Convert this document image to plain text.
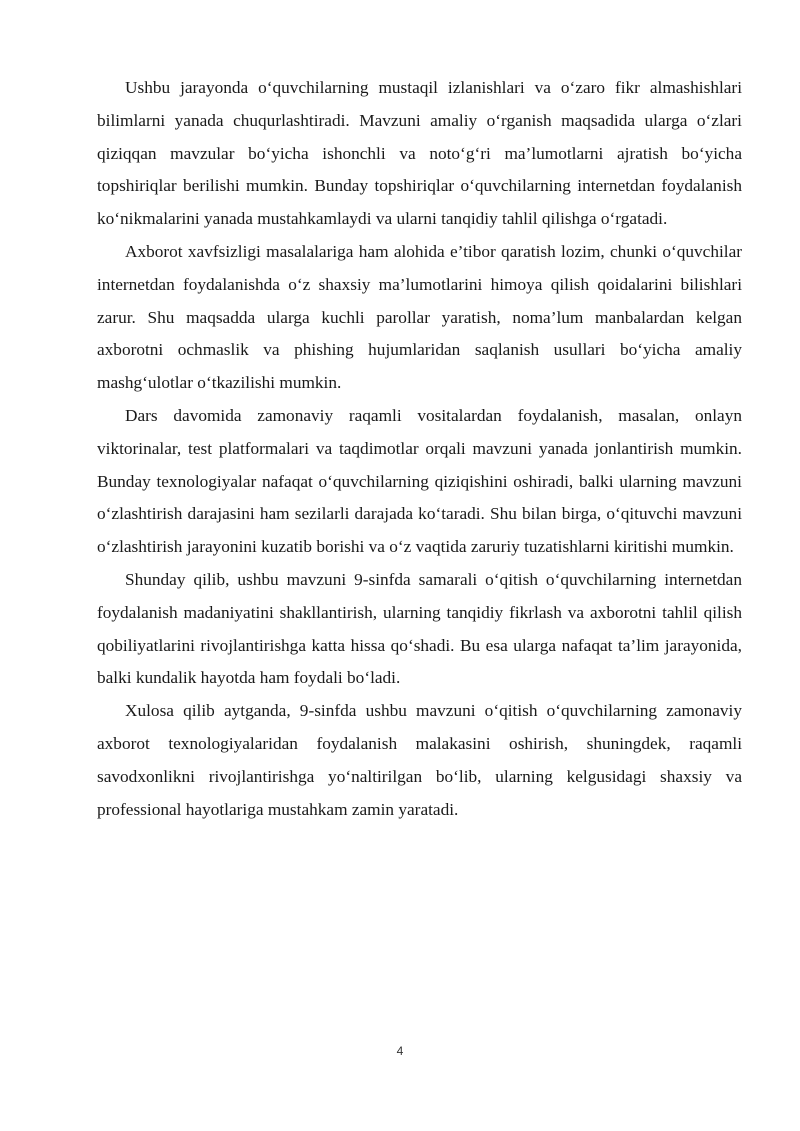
Ushbu jarayonda o‘quvchilarning mustaqil izlanishlari va o‘zaro fikr almashishlari bilimlarni yanada chuqurlashtiradi. Mavzuni amaliy o‘rganish maqsadida ularga o‘zlari qiziqqan mavzular bo‘yicha ishonchli va noto‘g‘ri ma’lumotlarni ajratish bo‘yicha topshiriqlar berilishi mumkin. Bunday topshiriqlar o‘quvchilarning internetdan foydalanish ko‘nikmalarini yanada mustahkamlaydi va ularni tanqidiy tahlil qilishga o‘rgatadi.

Axborot xavfsizligi masalalariga ham alohida e’tibor qaratish lozim, chunki o‘quvchilar internetdan foydalanishda o‘z shaxsiy ma’lumotlarini himoya qilish qoidalarini bilishlari zarur. Shu maqsadda ularga kuchli parollar yaratish, noma’lum manbalardan kelgan axborotni ochmaslik va phishing hujumlaridan saqlanish usullari bo‘yicha amaliy mashg‘ulotlar o‘tkazilishi mumkin.

Dars davomida zamonaviy raqamli vositalardan foydalanish, masalan, onlayn viktorinalar, test platformalari va taqdimotlar orqali mavzuni yanada jonlantirish mumkin. Bunday texnologiyalar nafaqat o‘quvchilarning qiziqishini oshiradi, balki ularning mavzuni o‘zlashtirish darajasini ham sezilarli darajada ko‘taradi. Shu bilan birga, o‘qituvchi mavzuni o‘zlashtirish jarayonini kuzatib borishi va o‘z vaqtida zaruriy tuzatishlarni kiritishi mumkin.

Shunday qilib, ushbu mavzuni 9-sinfda samarali o‘qitish o‘quvchilarning internetdan foydalanish madaniyatini shakllantirish, ularning tanqidiy fikrlash va axborotni tahlil qilish qobiliyatlarini rivojlantirishga katta hissa qo‘shadi. Bu esa ularga nafaqat ta’lim jarayonida, balki kundalik hayotda ham foydali bo‘ladi.

Xulosa qilib aytganda, 9-sinfda ushbu mavzuni o‘qitish o‘quvchilarning zamonaviy axborot texnologiyalaridan foydalanish malakasini oshirish, shuningdek, raqamli savodxonlikni rivojlantirishga yo‘naltirilgan bo‘lib, ularning kelgusidagi shaxsiy va professional hayotlariga mustahkam zamin yaratadi.

4
